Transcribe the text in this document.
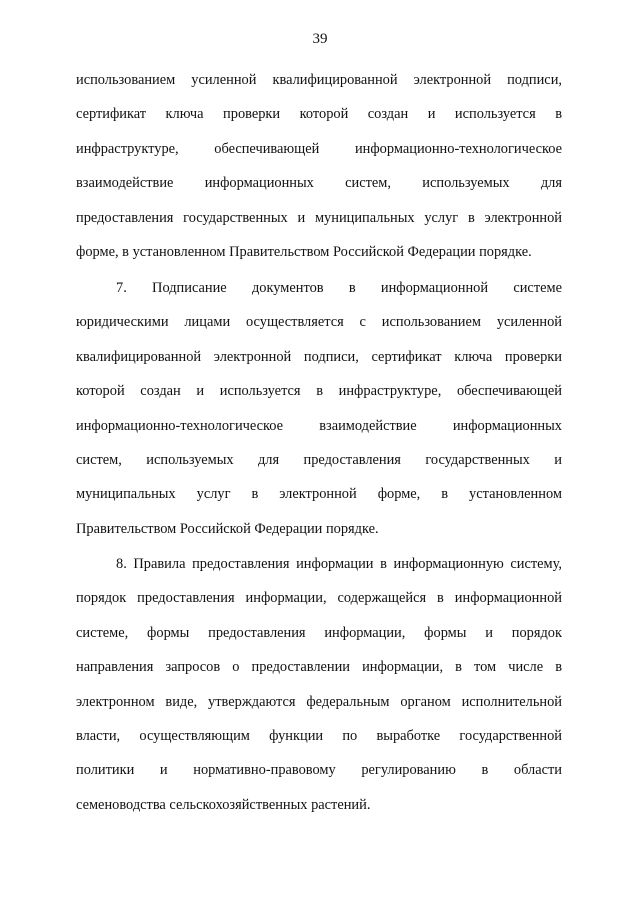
39
использованием усиленной квалифицированной электронной подписи,
сертификат ключа проверки которой создан и используется в
инфраструктуре, обеспечивающей информационно-технологическое
взаимодействие информационных систем, используемых для
предоставления государственных и муниципальных услуг в электронной
форме, в установленном Правительством Российской Федерации порядке.
7. Подписание документов в информационной системе
юридическими лицами осуществляется с использованием усиленной
квалифицированной электронной подписи, сертификат ключа проверки
которой создан и используется в инфраструктуре, обеспечивающей
информационно-технологическое взаимодействие информационных
систем, используемых для предоставления государственных и
муниципальных услуг в электронной форме, в установленном
Правительством Российской Федерации порядке.
8. Правила предоставления информации в информационную систему,
порядок предоставления информации, содержащейся в информационной
системе, формы предоставления информации, формы и порядок
направления запросов о предоставлении информации, в том числе в
электронном виде, утверждаются федеральным органом исполнительной
власти, осуществляющим функции по выработке государственной
политики и нормативно-правовому регулированию в области
семеноводства сельскохозяйственных растений.
